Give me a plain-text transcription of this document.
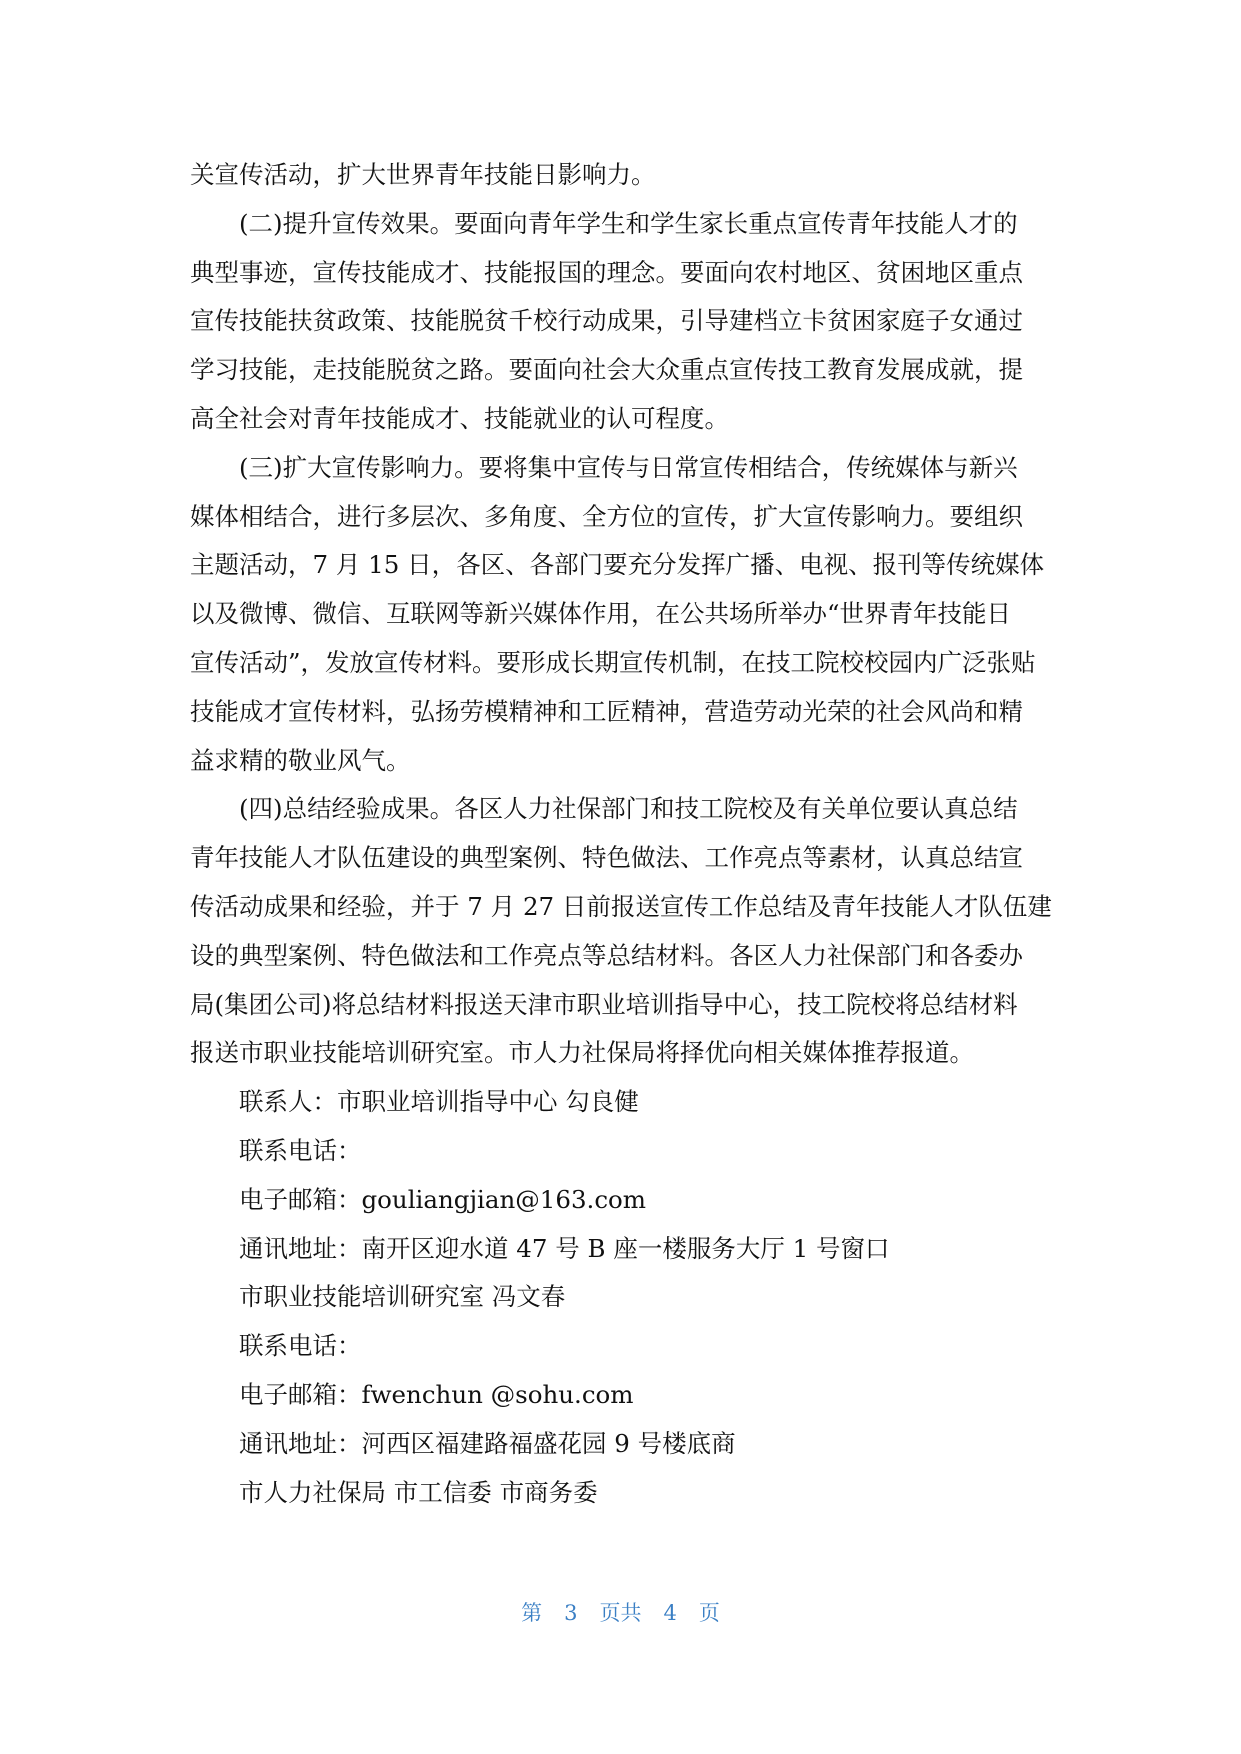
关宣传活动，扩大世界青年技能日影响力。
(二)提升宣传效果。要面向青年学生和学生家长重点宣传青年技能人才的
典型事迹，宣传技能成才、技能报国的理念。要面向农村地区、贫困地区重点
宣传技能扶贫政策、技能脱贫千校行动成果，引导建档立卡贫困家庭子女通过
学习技能，走技能脱贫之路。要面向社会大众重点宣传技工教育发展成就，提
高全社会对青年技能成才、技能就业的认可程度。
(三)扩大宣传影响力。要将集中宣传与日常宣传相结合，传统媒体与新兴
媒体相结合，进行多层次、多角度、全方位的宣传，扩大宣传影响力。要组织
主题活动，7 月 15 日，各区、各部门要充分发挥广播、电视、报刊等传统媒体
以及微博、微信、互联网等新兴媒体作用，在公共场所举办“世界青年技能日
宣传活动”，发放宣传材料。要形成长期宣传机制，在技工院校校园内广泛张贴
技能成才宣传材料，弘扬劳模精神和工匠精神，营造劳动光荣的社会风尚和精
益求精的敬业风气。
(四)总结经验成果。各区人力社保部门和技工院校及有关单位要认真总结
青年技能人才队伍建设的典型案例、特色做法、工作亮点等素材，认真总结宣
传活动成果和经验，并于 7 月 27 日前报送宣传工作总结及青年技能人才队伍建
设的典型案例、特色做法和工作亮点等总结材料。各区人力社保部门和各委办
局(集团公司)将总结材料报送天津市职业培训指导中心，技工院校将总结材料
报送市职业技能培训研究室。市人力社保局将择优向相关媒体推荐报道。
联系人：市职业培训指导中心 勾良健
联系电话：
电子邮箱：gouliangjian@163.com
通讯地址：南开区迎水道 47 号 B 座一楼服务大厅 1 号窗口
市职业技能培训研究室 冯文春
联系电话：
电子邮箱：fwenchun @sohu.com
通讯地址：河西区福建路福盛花园 9 号楼底商
市人力社保局 市工信委 市商务委
第 3 页共 4 页
